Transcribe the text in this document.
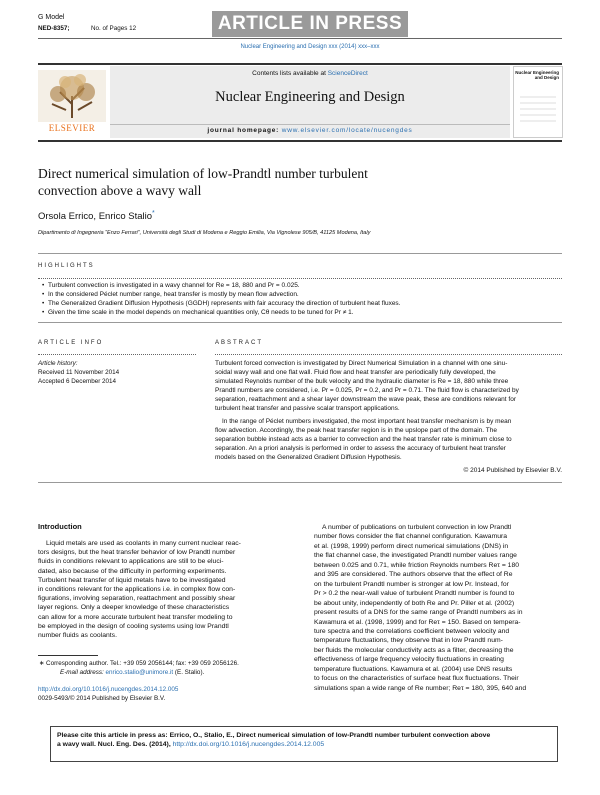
G Model
NED-8357;	No. of Pages 12	ARTICLE IN PRESS
Nuclear Engineering and Design xxx (2014) xxx–xxx
ELSEVIER
Contents lists available at ScienceDirect
Nuclear Engineering and Design
journal homepage: www.elsevier.com/locate/nucengdes
Nuclear Engineering
and Design
Direct numerical simulation of low-Prandtl number turbulent
convection above a wavy wall
Orsola Errico, Enrico Stalio*
Dipartimento di Ingegneria “Enzo Ferrari”, Università degli Studi di Modena e Reggio Emilia, Via Vignolese 905/B, 41125 Modena, Italy
HIGHLIGHTS
• Turbulent convection is investigated in a wavy channel for Re = 18, 880 and Pr = 0.025.
• In the considered Péclet number range, heat transfer is mostly by mean flow advection.
• The Generalized Gradient Diffusion Hypothesis (GGDH) represents with fair accuracy the direction of turbulent heat fluxes.
• Given the time scale in the model depends on mechanical quantities only, Cθ needs to be tuned for Pr ≠ 1.
ARTICLE INFO
Article history:
Received 11 November 2014
Accepted 6 December 2014
ABSTRACT
Turbulent forced convection is investigated by Direct Numerical Simulation in a channel with one sinu-
soidal wavy wall and one flat wall. Fluid flow and heat transfer are periodically fully developed, the
simulated Reynolds number of the bulk velocity and the hydraulic diameter is Re = 18, 880 while three
Prandtl numbers are considered, i.e. Pr = 0.025, Pr = 0.2, and Pr = 0.71. The fluid flow is characterized by
separation, reattachment and a shear layer downstream the wave peak, these are conditions relevant for
turbulent heat transfer and passive scalar transport applications.
In the range of Péclet numbers investigated, the most important heat transfer mechanism is by mean
flow advection. Accordingly, the peak heat transfer region is in the upslope part of the domain. The
separation bubble instead acts as a barrier to convection and the heat transfer rate is minimum close to
separation. An a priori analysis is performed in order to assess the accuracy of turbulent heat transfer
models based on the Generalized Gradient Diffusion Hypothesis.
© 2014 Published by Elsevier B.V.
Introduction
Liquid metals are used as coolants in many current nuclear reac-
tors designs, but the heat transfer behavior of low Prandtl number
fluids in conditions relevant to applications are still to be eluci-
dated, also because of the difficulty in performing experiments.
Turbulent heat transfer of liquid metals have to be investigated
in conditions relevant for the applications i.e. in complex flow con-
figurations, involving separation, reattachment and possibly shear
layer regions. Only a deeper knowledge of these characteristics
can allow for a more accurate turbulent heat transfer modeling to
be employed in the design of cooling systems using low Prandtl
number fluids as coolants.
A number of publications on turbulent convection in low Prandtl
number flows consider the flat channel configuration. Kawamura
et al. (1998, 1999) perform direct numerical simulations (DNS) in
the flat channel case, the investigated Prandtl number values range
between 0.025 and 0.71, while friction Reynolds numbers Reτ = 180
and 395 are considered. The authors observe that the effect of Re
on the turbulent Prandtl number is stronger at low Pr. Instead, for
Pr > 0.2 the near-wall value of turbulent Prandtl number is found to
be about unity, independently of both Re and Pr. Piller et al. (2002)
present results of a DNS for the same range of Prandtl numbers as in
Kawamura et al. (1998, 1999) and for Reτ = 150. Based on tempera-
ture spectra and the correlations coefficient between velocity and
temperature fluctuations, they observe that in low Prandtl num-
ber fluids the molecular conductivity acts as a filter, decreasing the
effectiveness of large frequency velocity fluctuations in creating
temperature fluctuations. Kawamura et al. (2004) use DNS results
to focus on the characteristics of surface heat flux fluctuations. Their
simulations span a wide range of Re number; Reτ = 180, 395, 640 and
∗ Corresponding author. Tel.: +39 059 2056144; fax: +39 059 2056126.
E-mail address: enrico.stalio@unimore.it (E. Stalio).
http://dx.doi.org/10.1016/j.nucengdes.2014.12.005
0029-5493/© 2014 Published by Elsevier B.V.
Please cite this article in press as: Errico, O., Stalio, E., Direct numerical simulation of low-Prandtl number turbulent convection above
a wavy wall. Nucl. Eng. Des. (2014), http://dx.doi.org/10.1016/j.nucengdes.2014.12.005
